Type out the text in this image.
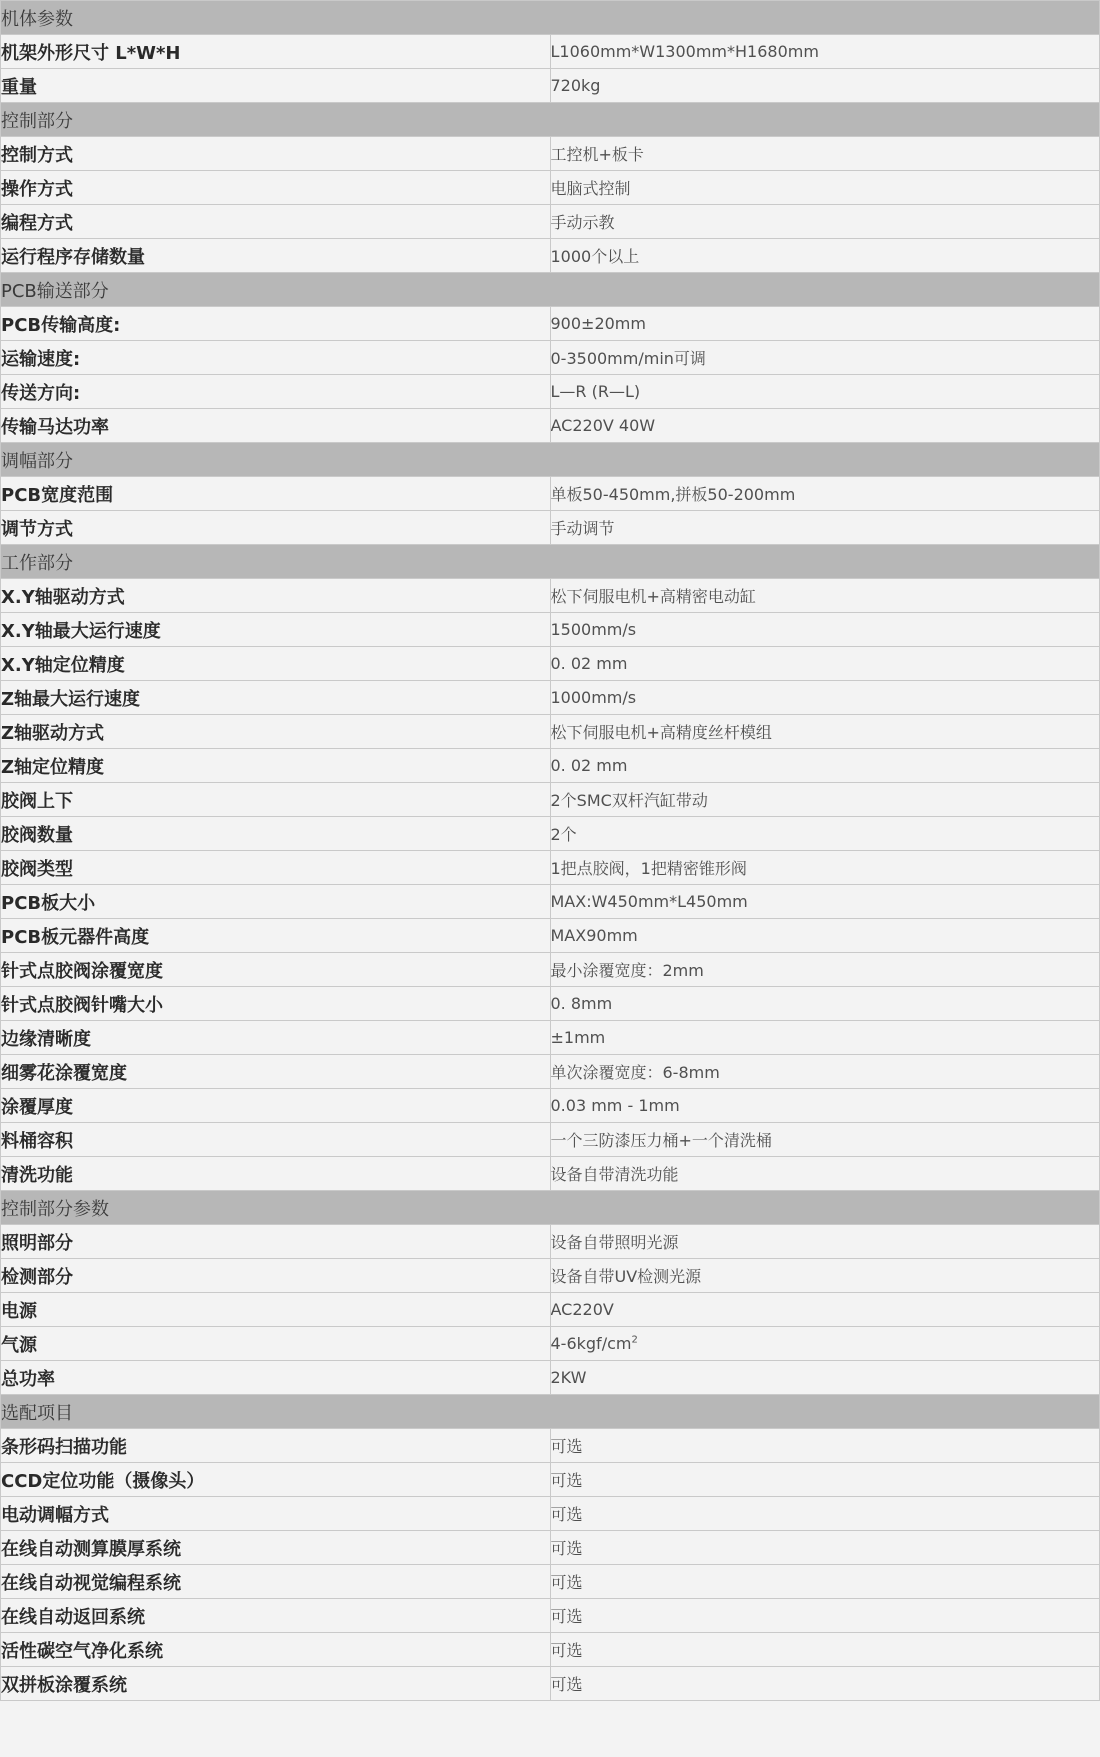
机体参数	
机架外形尺寸 L*W*H	L1060mm*W1300mm*H1680mm
重量	720kg
控制部分	
控制方式	工控机+板卡
操作方式	电脑式控制
编程方式	手动示教
运行程序存储数量	1000个以上
PCB输送部分	
PCB传输高度:	900±20mm
运输速度:	0-3500mm/min可调
传送方向:	L—R (R—L)
传输马达功率	AC220V 40W
调幅部分	
PCB宽度范围	单板50-450mm,拼板50-200mm
调节方式	手动调节
工作部分	
X.Y轴驱动方式	松下伺服电机+高精密电动缸
X.Y轴最大运行速度	1500mm/s
X.Y轴定位精度	0. 02 mm
Z轴最大运行速度	1000mm/s
Z轴驱动方式	松下伺服电机+高精度丝杆模组
Z轴定位精度	0. 02 mm
胶阀上下	2个SMC双杆汽缸带动
胶阀数量	2个
胶阀类型	1把点胶阀，1把精密锥形阀
PCB板大小	MAX:W450mm*L450mm
PCB板元器件高度	MAX90mm
针式点胶阀涂覆宽度	最小涂覆宽度：2mm
针式点胶阀针嘴大小	0. 8mm
边缘清晰度	±1mm
细雾花涂覆宽度	单次涂覆宽度：6-8mm
涂覆厚度	0.03 mm - 1mm
料桶容积	一个三防漆压力桶+一个清洗桶
清洗功能	设备自带清洗功能
控制部分参数	
照明部分	设备自带照明光源
检测部分	设备自带UV检测光源
电源	AC220V
气源	$4-6kgf/cm^2$
总功率	2KW
选配项目	
条形码扫描功能	可选
CCD定位功能（摄像头）	可选
电动调幅方式	可选
在线自动测算膜厚系统	可选
在线自动视觉编程系统	可选
在线自动返回系统	可选
活性碳空气净化系统	可选
双拼板涂覆系统	可选
